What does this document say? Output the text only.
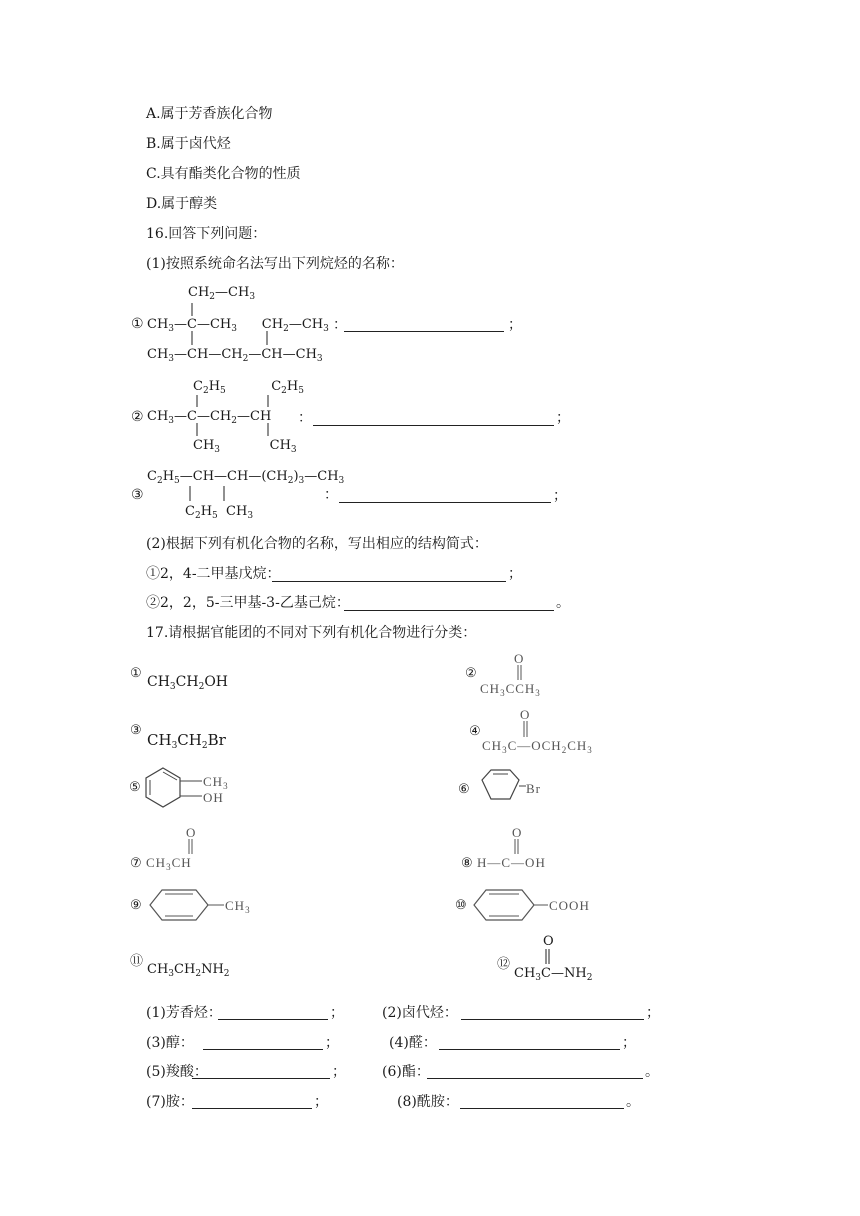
A.属于芳香族化合物
B.属于卤代烃
C.具有酯类化合物的性质
D.属于醇类
16.回答下列问题：
(1)按照系统命名法写出下列烷烃的名称：
$CH_2—CH_3$
① $CH_3—C—CH_3$      $CH_2—CH_3$ ：	；
$CH_3—CH—CH_2—CH—CH_3$
$C_2H_5$           $C_2H_5$
② $CH_3—C—CH_2—CH$ ：	；
$CH_3$            $CH_3$
$C_2H_5—CH—CH—(CH_2)_3—CH_3$
③	：	；
$C_2H_5$  $CH_3$
(2)根据下列有机化合物的名称，写出相应的结构简式：
①2，4-二甲基戊烷：	；
②2，2，5-三甲基-3-乙基己烷：	。
17.请根据官能团的不同对下列有机化合物进行分类：
①
$CH_3CH_2OH$
②
O
$CH_3CCH_3$
③
$CH_3CH_2Br$	④
O
$CH_3C—OCH_2CH_3$
⑤	$CH_3$
OH
⑥	Br
O
⑦ $CH_3CH$
O
⑧ H—C—OH
⑨	$CH_3$	⑩	COOH
⑪
$CH_3CH_2NH_2$
O
⑫
$CH_3C—NH_2$
(1)芳香烃：	；	(2)卤代烃：	；
(3)醇：	；	(4)醛：	；
(5)羧酸：	；	(6)酯：	。
(7)胺：	；	(8)酰胺：	。
